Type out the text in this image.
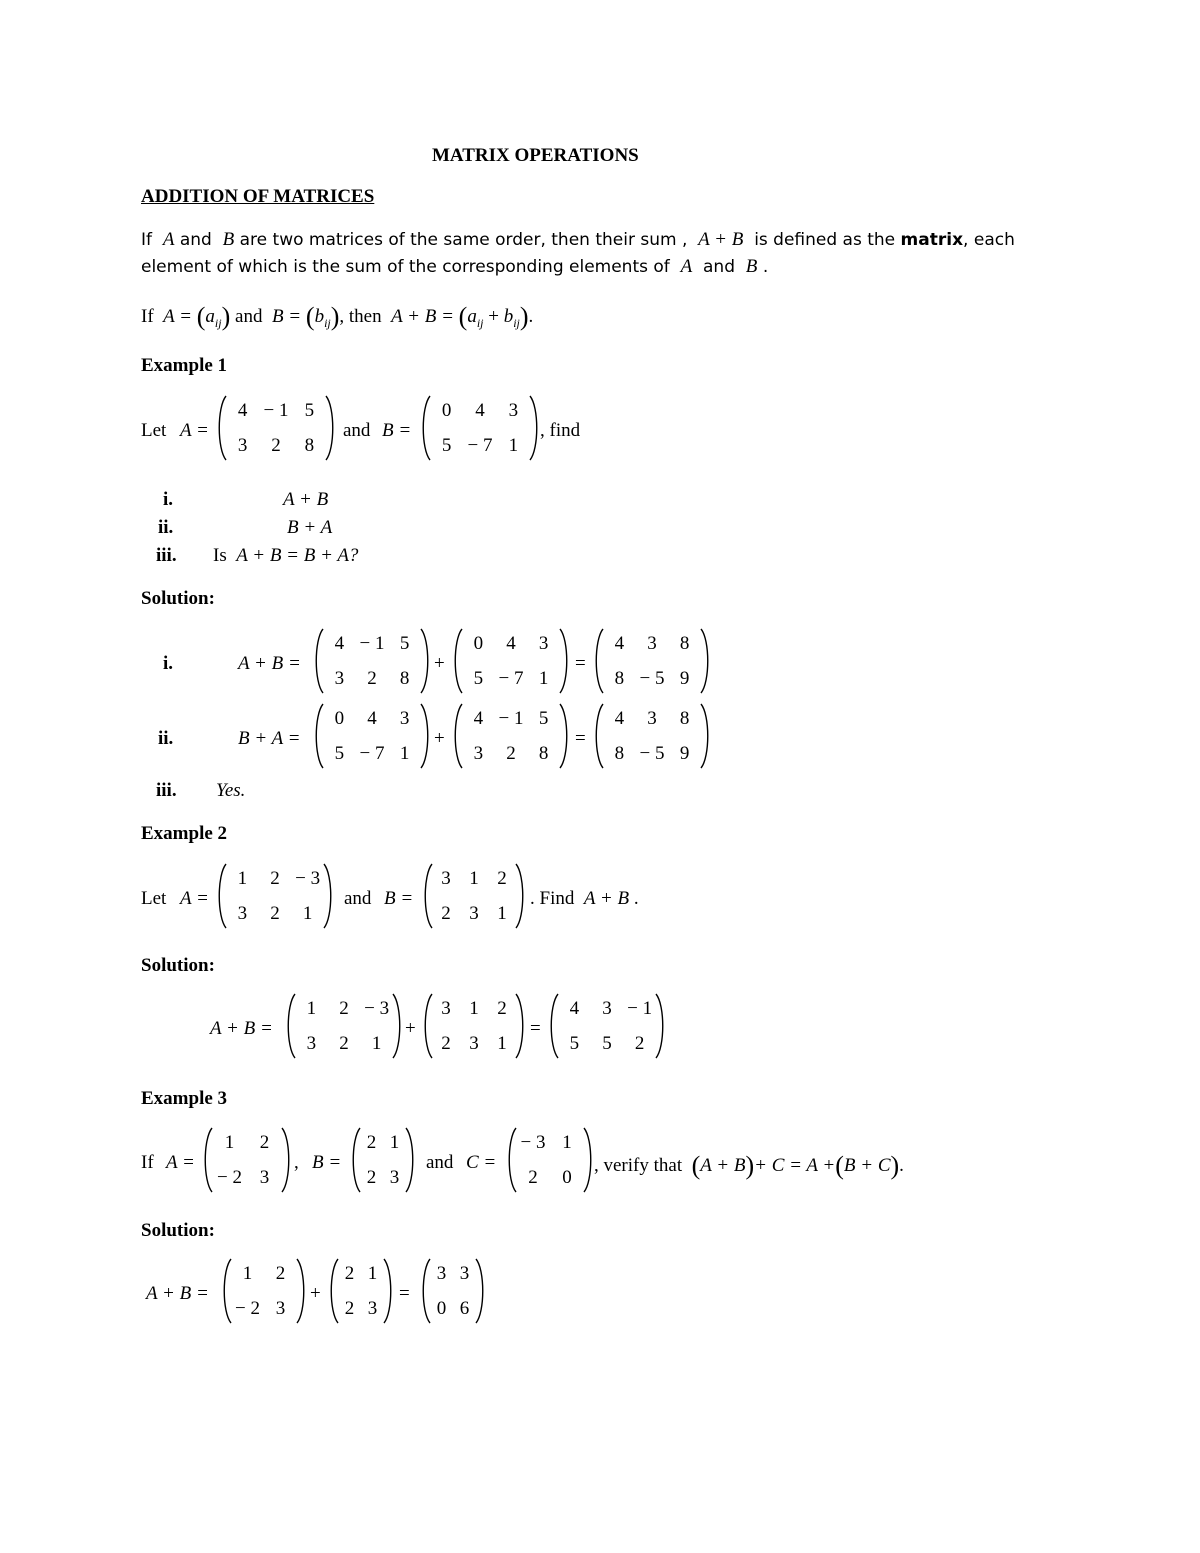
MATRIX OPERATIONS
ADDITION OF MATRICES
If A and B are two matrices of the same order, then their sum , A + B is defined as the matrix, each
element of which is the sum of the corresponding elements of A and B .
If $A = (a_{ij})$ and $B = (b_{ij})$, then $A + B = (a_{ij} + b_{ij})$.
Example 1
Let A =
4 − 1 5
3	2	8
and B =
0	4	3
5 − 7 1
, find
i.	A + B
ii.	B + A
iii. Is A + B = B + A?
Solution:
i.	A + B =
4 − 1 5
3	2	8
+
0	4	3
5 − 7 1
=
4	3	8
8 − 5 9
ii.	B + A =
0	4	3
5 − 7 1
+
4 − 1 5
3	2	8
=
4	3	8
8 − 5 9
iii. Yes.
Example 2
Let A =
1	2 − 3
3	2	1
and B =
3 1 2
2 3 1
. Find A + B .
Solution:
A + B =
1	2 − 3
3	2	1
+
3 1 2
2 3 1
=
4	3 − 1
5	5	2
Example 3
If A =
1	2
− 2 3
, B =
2 1
2 3
and C =
− 3 1
2	0
, verify that (A + B)+ C = A +(B + C).
Solution:
A + B =
1	2
− 2 3
+
2 1
2 3
=
3 3
0 6
